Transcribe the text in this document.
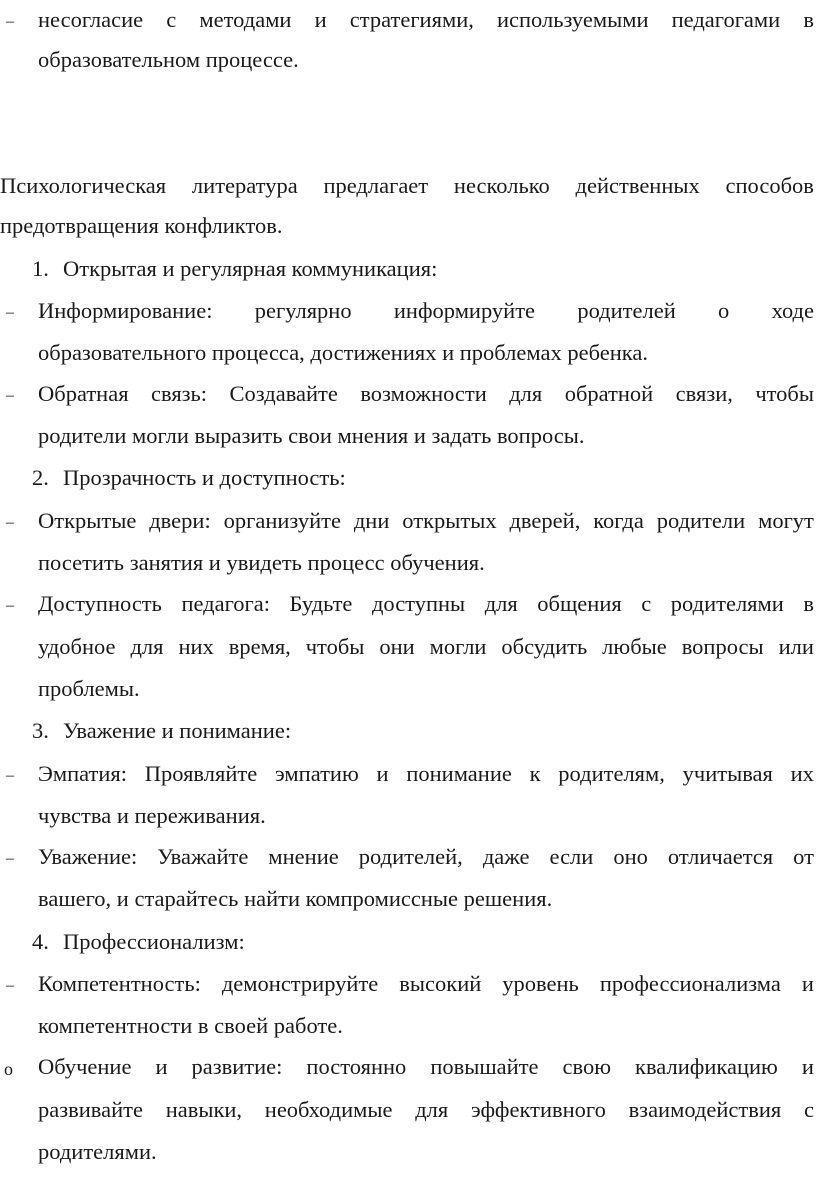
– несогласие с методами и стратегиями, используемыми педагогами в
образовательном процессе.
Психологическая литература предлагает несколько действенных способов
предотвращения конфликтов.
1. Открытая и регулярная коммуникация:
– Информирование: регулярно информируйте родителей о ходе
образовательного процесса, достижениях и проблемах ребенка.
– Обратная связь: Создавайте возможности для обратной связи, чтобы
родители могли выразить свои мнения и задать вопросы.
2. Прозрачность и доступность:
– Открытые двери: организуйте дни открытых дверей, когда родители могут
посетить занятия и увидеть процесс обучения.
– Доступность педагога: Будьте доступны для общения с родителями в
удобное для них время, чтобы они могли обсудить любые вопросы или
проблемы.
3. Уважение и понимание:
– Эмпатия: Проявляйте эмпатию и понимание к родителям, учитывая их
чувства и переживания.
– Уважение: Уважайте мнение родителей, даже если оно отличается от
вашего, и старайтесь найти компромиссные решения.
4. Профессионализм:
– Компетентность: демонстрируйте высокий уровень профессионализма и
компетентности в своей работе.
o Обучение и развитие: постоянно повышайте свою квалификацию и
развивайте навыки, необходимые для эффективного взаимодействия с
родителями.
